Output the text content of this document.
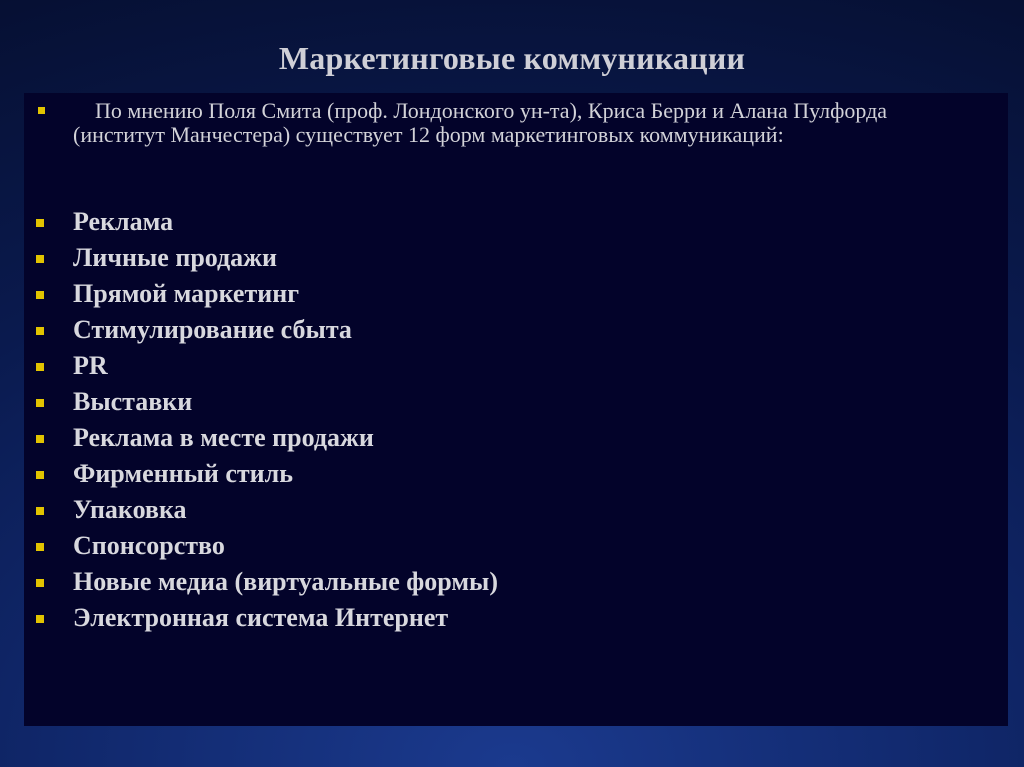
Маркетинговые коммуникации
По мнению Поля Смита (проф. Лондонского ун-та), Криса Берри и Алана Пулфорда (институт Манчестера) существует 12 форм маркетинговых коммуникаций:
Реклама
Личные продажи
Прямой маркетинг
Стимулирование сбыта
PR
Выставки
Реклама в месте продажи
Фирменный стиль
Упаковка
Спонсорство
Новые медиа (виртуальные формы)
Электронная система Интернет
